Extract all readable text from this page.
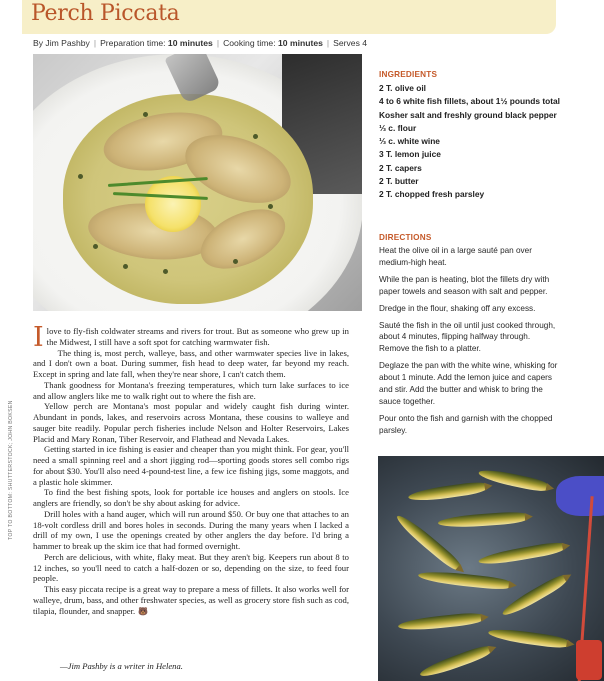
Perch Piccata
By Jim Pashby | Preparation time: 10 minutes | Cooking time: 10 minutes | Serves 4
INGREDIENTS
2 T. olive oil
4 to 6 white fish fillets, about 1½ pounds total
Kosher salt and freshly ground black pepper
⅓ c. flour
⅓ c. white wine
3 T. lemon juice
2 T. capers
2 T. butter
2 T. chopped fresh parsley
DIRECTIONS

Heat the olive oil in a large sauté pan over medium-high heat.

While the pan is heating, blot the fillets dry with paper towels and season with salt and pepper.

Dredge in the flour, shaking off any excess.

Sauté the fish in the oil until just cooked through, about 4 minutes, flipping halfway through. Remove the fish to a platter.

Deglaze the pan with the white wine, whisking for about 1 minute. Add the lemon juice and capers and stir. Add the butter and whisk to bring the sauce together.

Pour onto the fish and garnish with the chopped parsley.

Ilove to fly-fish coldwater streams and rivers for trout. But as someone who grew up in the Midwest, I still have a soft spot for catching warmwater fish.

The thing is, most perch, walleye, bass, and other warmwater species live in lakes, and I don't own a boat. During summer, fish head to deep water, far beyond my reach. Except in spring and late fall, when they're near shore, I can't catch them.

Thank goodness for Montana's freezing temperatures, which turn lake surfaces to ice and allow anglers like me to walk right out to where the fish are.

Yellow perch are Montana's most popular and widely caught fish during winter. Abundant in ponds, lakes, and reservoirs across Montana, these cousins to walleye and sauger bite readily. Popular perch fisheries include Nelson and Holter Reservoirs, Lakes Placid and Mary Ronan, Tiber Reservoir, and Flathead and Nevada Lakes.

Getting started in ice fishing is easier and cheaper than you might think. For gear, you'll need a small spinning reel and a short jigging rod—sporting goods stores sell combo rigs for about $30. You'll also need 4-pound-test line, a few ice fishing jigs, some maggots, and a plastic hole skimmer.

To find the best fishing spots, look for portable ice houses and anglers on stools. Ice anglers are friendly, so don't be shy about asking for advice.

Drill holes with a hand auger, which will run around $50. Or buy one that attaches to an 18-volt cordless drill and bores holes in seconds. During the many years when I lacked a drill of my own, I use the openings created by other anglers the day before. I'd bring a hammer to break up the skim ice that had formed overnight.

Perch are delicious, with white, flaky meat. But they aren't big. Keepers run about 8 to 12 inches, so you'll need to catch a half-dozen or so, depending on the size, to feed four people.

This easy piccata recipe is a great way to prepare a mess of fillets. It also works well for walleye, drum, bass, and other freshwater species, as well as grocery store fish such as cod, tilapia, flounder, and snapper. 🐻

—Jim Pashby is a writer in Helena.
TOP TO BOTTOM: SHUTTERSTOCK; JOHN BOKSEN
